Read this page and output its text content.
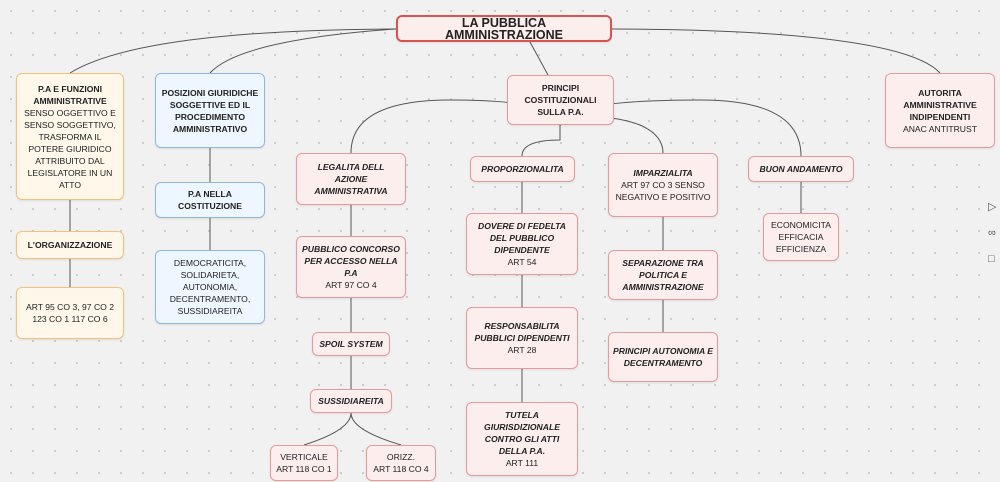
LA PUBBLICA AMMINISTRAZIONE
P.A E FUNZIONI AMMINISTRATIVE
SENSO OGGETTIVO E SENSO SOGGETTIVO, TRASFORMA IL POTERE GIURIDICO ATTRIBUITO DAL LEGISLATORE IN UN ATTO
L'ORGANIZZAZIONE
ART 95 CO 3, 97 CO 2 123 CO 1 117 CO 6
POSIZIONI GIURIDICHE SOGGETTIVE ED IL PROCEDIMENTO AMMINISTRATIVO
P.A NELLA COSTITUZIONE
DEMOCRATICITA, SOLIDARIETA, AUTONOMIA, DECENTRAMENTO, SUSSIDIAREITA
PRINCIPI COSTITUZIONALI SULLA P.A.
AUTORITA AMMINISTRATIVE INDIPENDENTI
ANAC ANTITRUST
LEGALITA DELL AZIONE AMMINISTRATIVA
PUBBLICO CONCORSO PER ACCESSO NELLA P.A
ART 97 CO 4
SPOIL SYSTEM
SUSSIDIAREITA
VERTICALE
ART 118 CO 1
ORIZZ.
ART 118 CO 4
PROPORZIONALITA
DOVERE DI FEDELTA DEL PUBBLICO DIPENDENTE
ART 54
RESPONSABILITA PUBBLICI DIPENDENTI
ART 28
TUTELA GIURISDIZIONALE CONTRO GLI ATTI DELLA P.A.
ART 111
IMPARZIALITA
ART 97 CO 3 SENSO NEGATIVO E POSITIVO
SEPARAZIONE TRA POLITICA E AMMINISTRAZIONE
PRINCIPI AUTONOMIA E DECENTRAMENTO
BUON ANDAMENTO
ECONOMICITA EFFICACIA EFFICIENZA
▷
∞
□
